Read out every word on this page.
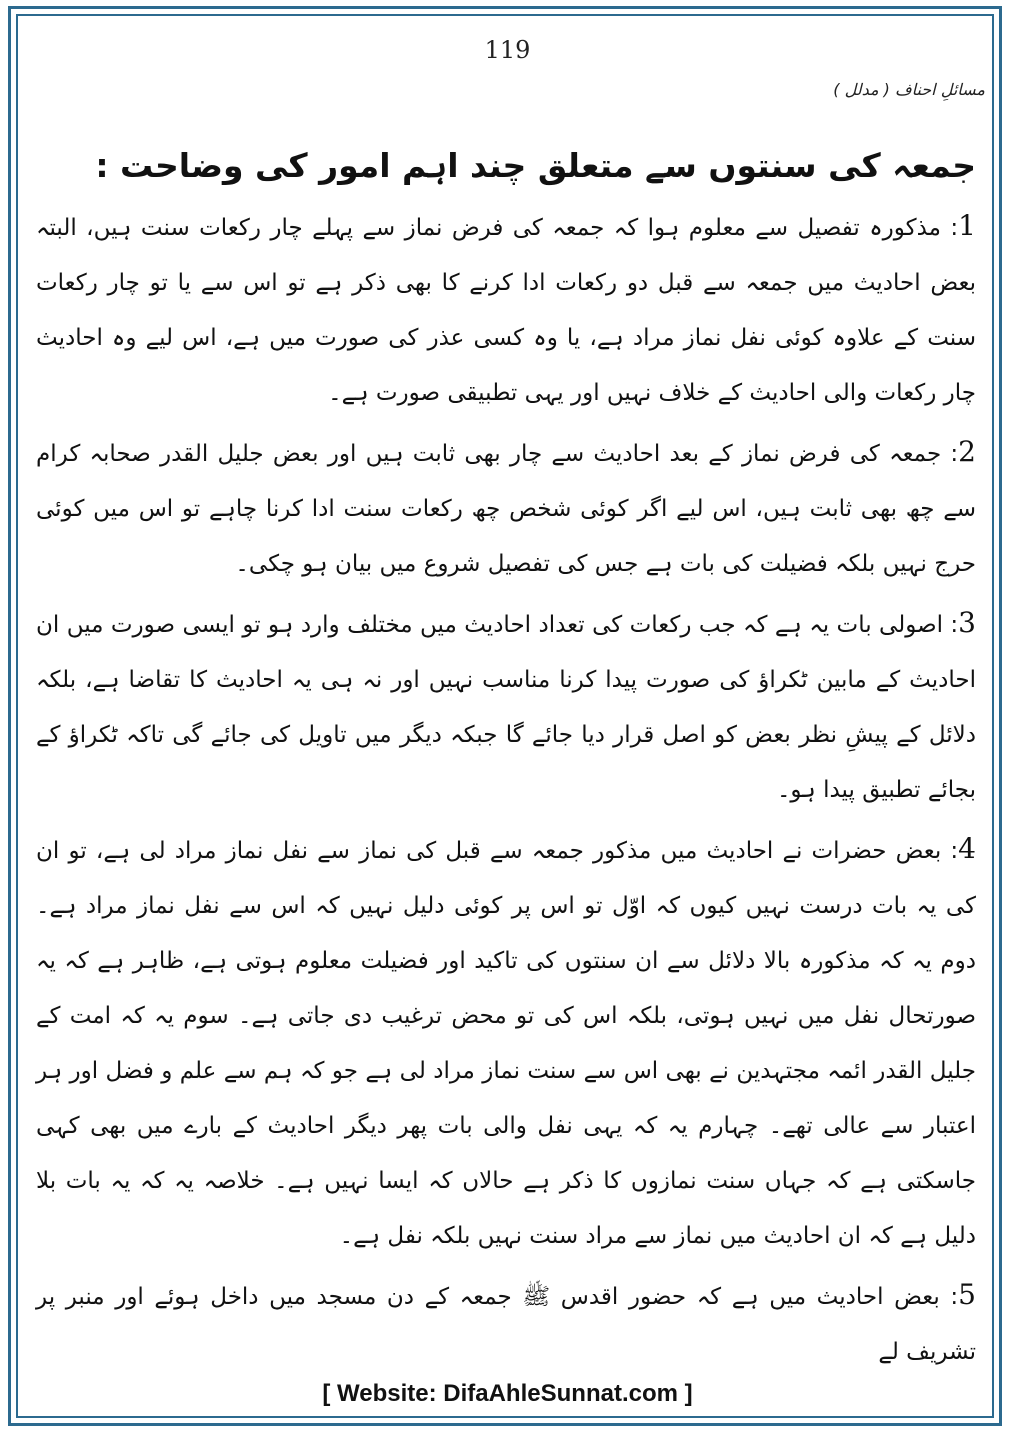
119
مسائلِ احناف ( مدلل )
جمعہ کی سنتوں سے متعلق چند اہم امور کی وضاحت :

1: مذکورہ تفصیل سے معلوم ہوا کہ جمعہ کی فرض نماز سے پہلے چار رکعات سنت ہیں، البتہ بعض احادیث میں جمعہ سے قبل دو رکعات ادا کرنے کا بھی ذکر ہے تو اس سے یا تو چار رکعات سنت کے علاوہ کوئی نفل نماز مراد ہے، یا وہ کسی عذر کی صورت میں ہے، اس لیے وہ احادیث چار رکعات والی احادیث کے خلاف نہیں اور یہی تطبیقی صورت ہے۔

2: جمعہ کی فرض نماز کے بعد احادیث سے چار بھی ثابت ہیں اور بعض جلیل القدر صحابہ کرام سے چھ بھی ثابت ہیں، اس لیے اگر کوئی شخص چھ رکعات سنت ادا کرنا چاہے تو اس میں کوئی حرج نہیں بلکہ فضیلت کی بات ہے جس کی تفصیل شروع میں بیان ہو چکی۔

3: اصولی بات یہ ہے کہ جب رکعات کی تعداد احادیث میں مختلف وارد ہو تو ایسی صورت میں ان احادیث کے مابین ٹکراؤ کی صورت پیدا کرنا مناسب نہیں اور نہ ہی یہ احادیث کا تقاضا ہے، بلکہ دلائل کے پیشِ نظر بعض کو اصل قرار دیا جائے گا جبکہ دیگر میں تاویل کی جائے گی تاکہ ٹکراؤ کے بجائے تطبیق پیدا ہو۔

4: بعض حضرات نے احادیث میں مذکور جمعہ سے قبل کی نماز سے نفل نماز مراد لی ہے، تو ان کی یہ بات درست نہیں کیوں کہ اوّل تو اس پر کوئی دلیل نہیں کہ اس سے نفل نماز مراد ہے۔ دوم یہ کہ مذکورہ بالا دلائل سے ان سنتوں کی تاکید اور فضیلت معلوم ہوتی ہے، ظاہر ہے کہ یہ صورتحال نفل میں نہیں ہوتی، بلکہ اس کی تو محض ترغیب دی جاتی ہے۔ سوم یہ کہ امت کے جلیل القدر ائمہ مجتہدین نے بھی اس سے سنت نماز مراد لی ہے جو کہ ہم سے علم و فضل اور ہر اعتبار سے عالی تھے۔ چہارم یہ کہ یہی نفل والی بات پھر دیگر احادیث کے بارے میں بھی کہی جاسکتی ہے کہ جہاں سنت نمازوں کا ذکر ہے حالاں کہ ایسا نہیں ہے۔ خلاصہ یہ کہ یہ بات بلا دلیل ہے کہ ان احادیث میں نماز سے مراد سنت نہیں بلکہ نفل ہے۔

5: بعض احادیث میں ہے کہ حضور اقدس ﷺ جمعہ کے دن مسجد میں داخل ہوئے اور منبر پر تشریف لے

[ Website: DifaAhleSunnat.com ]
